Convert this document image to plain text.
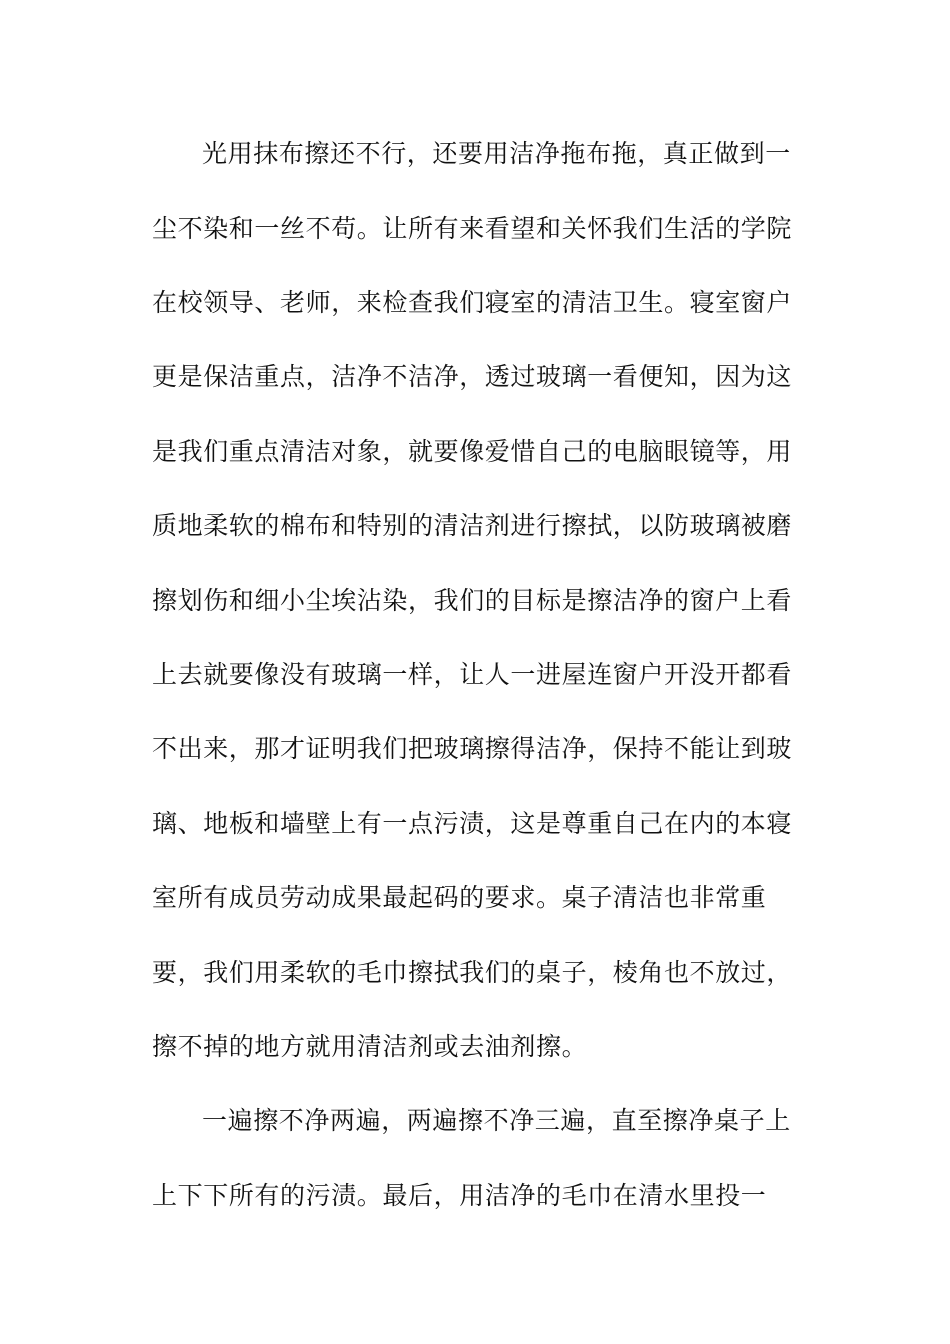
光用抹布擦还不行，还要用洁净拖布拖，真正做到一
尘不染和一丝不苟。让所有来看望和关怀我们生活的学院
在校领导、老师，来检查我们寝室的清洁卫生。寝室窗户
更是保洁重点，洁净不洁净，透过玻璃一看便知，因为这
是我们重点清洁对象，就要像爱惜自己的电脑眼镜等，用
质地柔软的棉布和特别的清洁剂进行擦拭，以防玻璃被磨
擦划伤和细小尘埃沾染，我们的目标是擦洁净的窗户上看
上去就要像没有玻璃一样，让人一进屋连窗户开没开都看
不出来，那才证明我们把玻璃擦得洁净，保持不能让到玻
璃、地板和墙壁上有一点污渍，这是尊重自己在内的本寝
室所有成员劳动成果最起码的要求。桌子清洁也非常重
要，我们用柔软的毛巾擦拭我们的桌子，棱角也不放过，
擦不掉的地方就用清洁剂或去油剂擦。
一遍擦不净两遍，两遍擦不净三遍，直至擦净桌子上
上下下所有的污渍。最后，用洁净的毛巾在清水里投一
